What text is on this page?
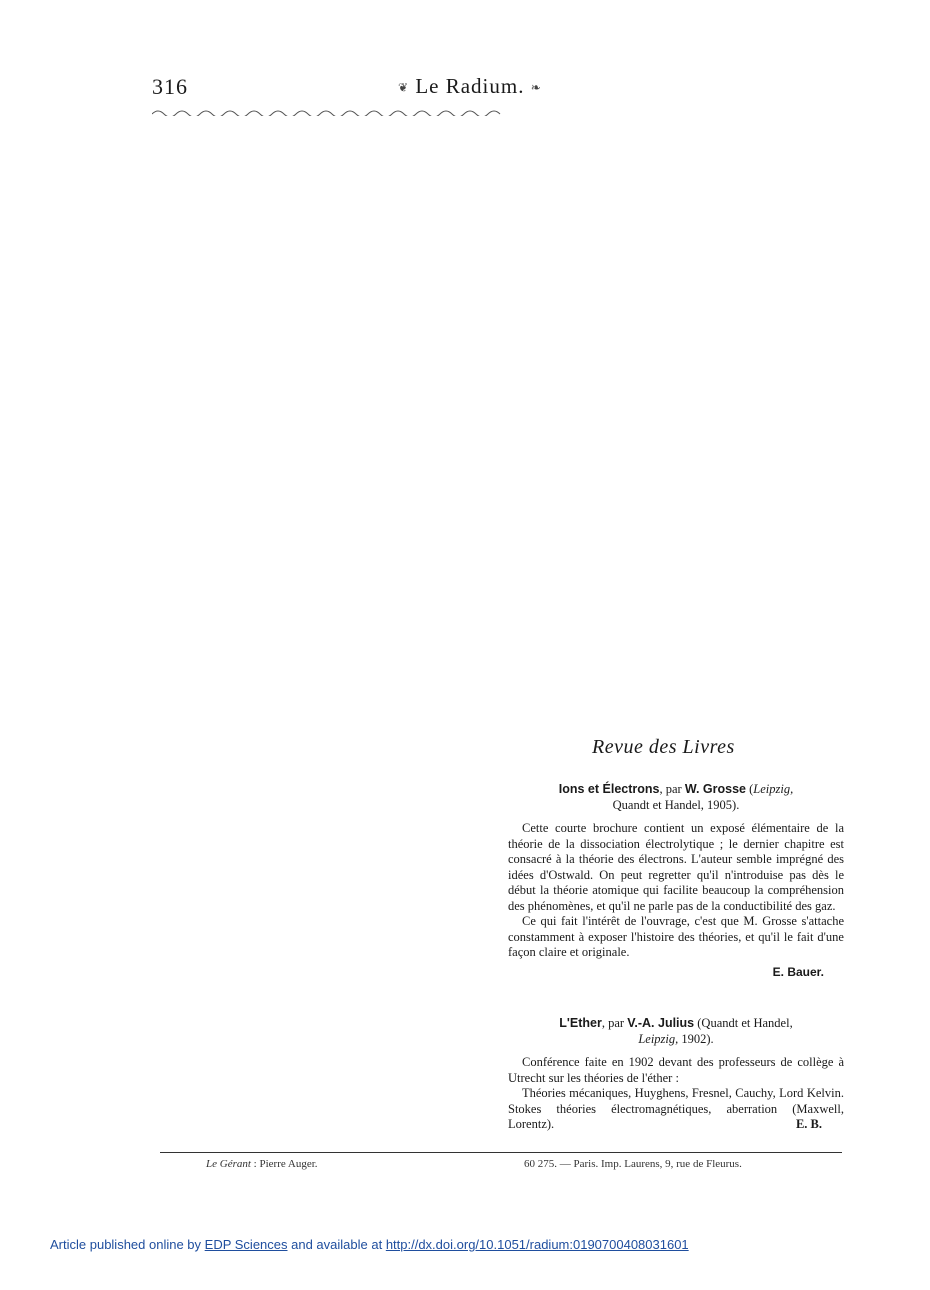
316	❦ Le Radium. ❧
Revue des Livres
Ions et Électrons, par W. Grosse (Leipzig,
Quandt et Handel, 1905).

Cette courte brochure contient un exposé élémentaire de la théorie de la dissociation électrolytique ; le dernier chapitre est consacré à la théorie des électrons. L'auteur semble imprégné des idées d'Ostwald. On peut regretter qu'il n'introduise pas dès le début la théorie atomique qui facilite beaucoup la compréhension des phénomènes, et qu'il ne parle pas de la conductibilité des gaz.

Ce qui fait l'intérêt de l'ouvrage, c'est que M. Grosse s'attache constamment à exposer l'histoire des théories, et qu'il le fait d'une façon claire et originale.

E. Bauer.
L'Ether, par V.-A. Julius (Quandt et Handel,
Leipzig, 1902).

Conférence faite en 1902 devant des professeurs de collège à Utrecht sur les théories de l'éther :

Théories mécaniques, Huyghens, Fresnel, Cauchy, Lord Kelvin. Stokes théories électromagnétiques, aberration (Maxwell, Lorentz).	E. B.

Le Gérant : Pierre Auger.	60 275. — Paris. Imp. Laurens, 9, rue de Fleurus.
Article published online by EDP Sciences and available at http://dx.doi.org/10.1051/radium:0190700408031601
